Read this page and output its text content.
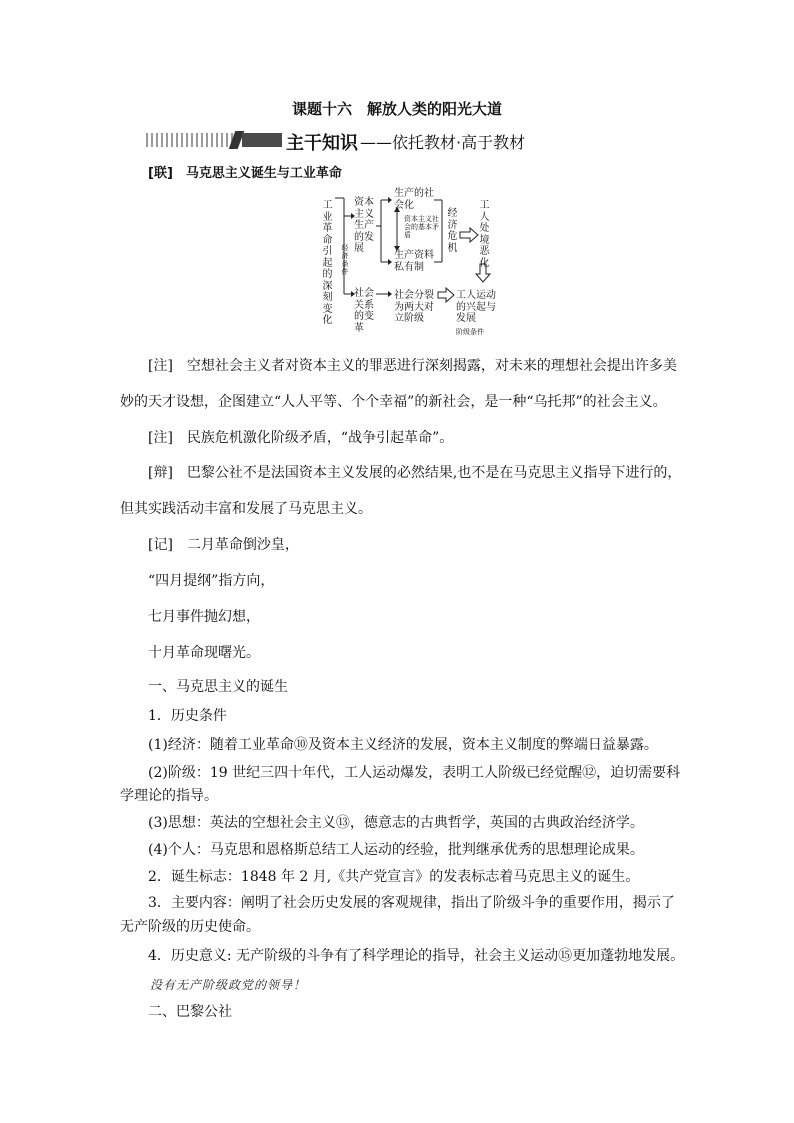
课题十六　解放人类的阳光大道
主干知识 ——依托教材·高于教材
[联]　马克思主义诞生与工业革命
工业革命引起的深刻变化
经济条件
资本主义生产的发展
社会关系的变革
生产的社会化
资本主义社会的基本矛盾
生产资料私有制
经济危机
工人处境恶化
社会分裂为两大对立阶级
工人运动的兴起与发展
阶级条件
[注]　空想社会主义者对资本主义的罪恶进行深刻揭露，对未来的理想社会提出许多美
妙的天才设想，企图建立“人人平等、个个幸福”的新社会，是一种“乌托邦”的社会主义。
[注]　民族危机激化阶级矛盾，“战争引起革命”。
[辩]　巴黎公社不是法国资本主义发展的必然结果,也不是在马克思主义指导下进行的，
但其实践活动丰富和发展了马克思主义。
[记]　二月革命倒沙皇，
“四月提纲”指方向，
七月事件抛幻想，
十月革命现曙光。
一、马克思主义的诞生
1．历史条件
(1)经济：随着工业革命⑩及资本主义经济的发展，资本主义制度的弊端日益暴露。
(2)阶级：19 世纪三四十年代，工人运动爆发，表明工人阶级已经觉醒⑫，迫切需要科
学理论的指导。
(3)思想：英法的空想社会主义⑬，德意志的古典哲学，英国的古典政治经济学。
(4)个人：马克思和恩格斯总结工人运动的经验，批判继承优秀的思想理论成果。
2．诞生标志：1848 年 2 月,《共产党宣言》的发表标志着马克思主义的诞生。
3．主要内容：阐明了社会历史发展的客观规律，指出了阶级斗争的重要作用，揭示了
无产阶级的历史使命。
4．历史意义: 无产阶级的斗争有了科学理论的指导，社会主义运动⑮更加蓬勃地发展。
没有无产阶级政党的领导！
二、巴黎公社
